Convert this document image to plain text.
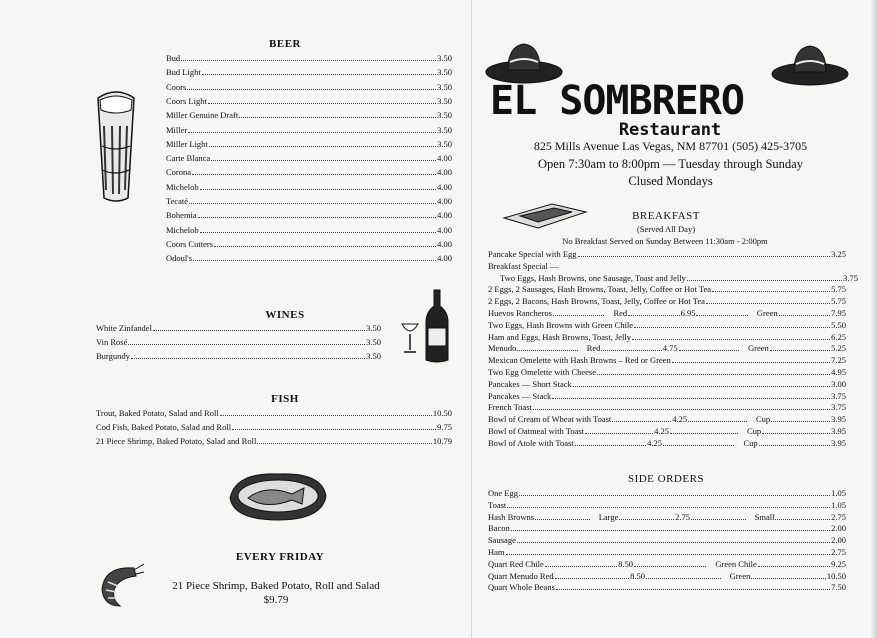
BEER
Bud	3.50
Bud Light	3.50
Coors	3.50
Coors Light	3.50
Miller Genuine Draft	3.50
Miller	3.50
Miller Light	3.50
Carte Blanca	4.00
Corona	4.00
Michelob	4.00
Tecaté	4.00
Bohemia	4.00
Michelob	4.00
Coors Cutters	4.00
Odoul's	4.00
WINES
White Zinfandel	3.50
Vin Rosé	3.50
Burgundy	3.50
FISH
Trout, Baked Potato, Salad and Roll	10.50
Cod Fish, Baked Potato, Salad and Roll	9.75
21 Piece Shrimp, Baked Potato, Salad and Roll	10.79
EVERY FRIDAY
21 Piece Shrimp, Baked Potato, Roll and Salad
$9.79
EL SOMBRERO
Restaurant
825 Mills Avenue Las Vegas, NM 87701 (505) 425-3705
Open 7:30am to 8:00pm — Tuesday through Sunday
Clused Mondays
BREAKFAST
(Served All Day)
No Breakfast Served on Sunday Between 11:30am - 2:00pm
Pancake Special with Egg	3.25
Breakfast Special —
Two Eggs, Hash Browns, one Sausage, Toast and Jelly	3.75
2 Eggs, 2 Sausages, Hash Browns, Toast, Jelly, Coffee or Hot Tea	5.75
2 Eggs, 2 Bacons, Hash Browns, Toast, Jelly, Coffee or Hot Tea	5.75
Huevos Rancheros	Red	6.95	Green	7.95
Two Eggs, Hash Browns with Green Chile	5.50
Ham and Eggs, Hash Browns, Toast, Jelly	6.25
Menudo	Red	4.75	Green	5.25
Mexican Omelette with Hash Browns – Red or Green	7.25
Two Egg Omelette with Cheese	4.95
Pancakes — Short Stack	3.00
Pancakes — Stack	3.75
French Toast	3.75
Bowl of Cream of Wheat with Toast	4.25	Cup	3.95
Bowl of Oatmeal with Toast	4.25	Cup	3.95
Bowl of Atole with Toast	4.25	Cup	3.95
SIDE ORDERS
One Egg	1.05
Toast	1.05
Hash Browns	Large	2.75	Small	2.75
Bacon	2.00
Sausage	2.00
Ham	2.75
Quart Red Chile	8.50	Green Chile	9.25
Quart Menudo Red	8.50	Green	10.50
Quart Whole Beans	7.50
